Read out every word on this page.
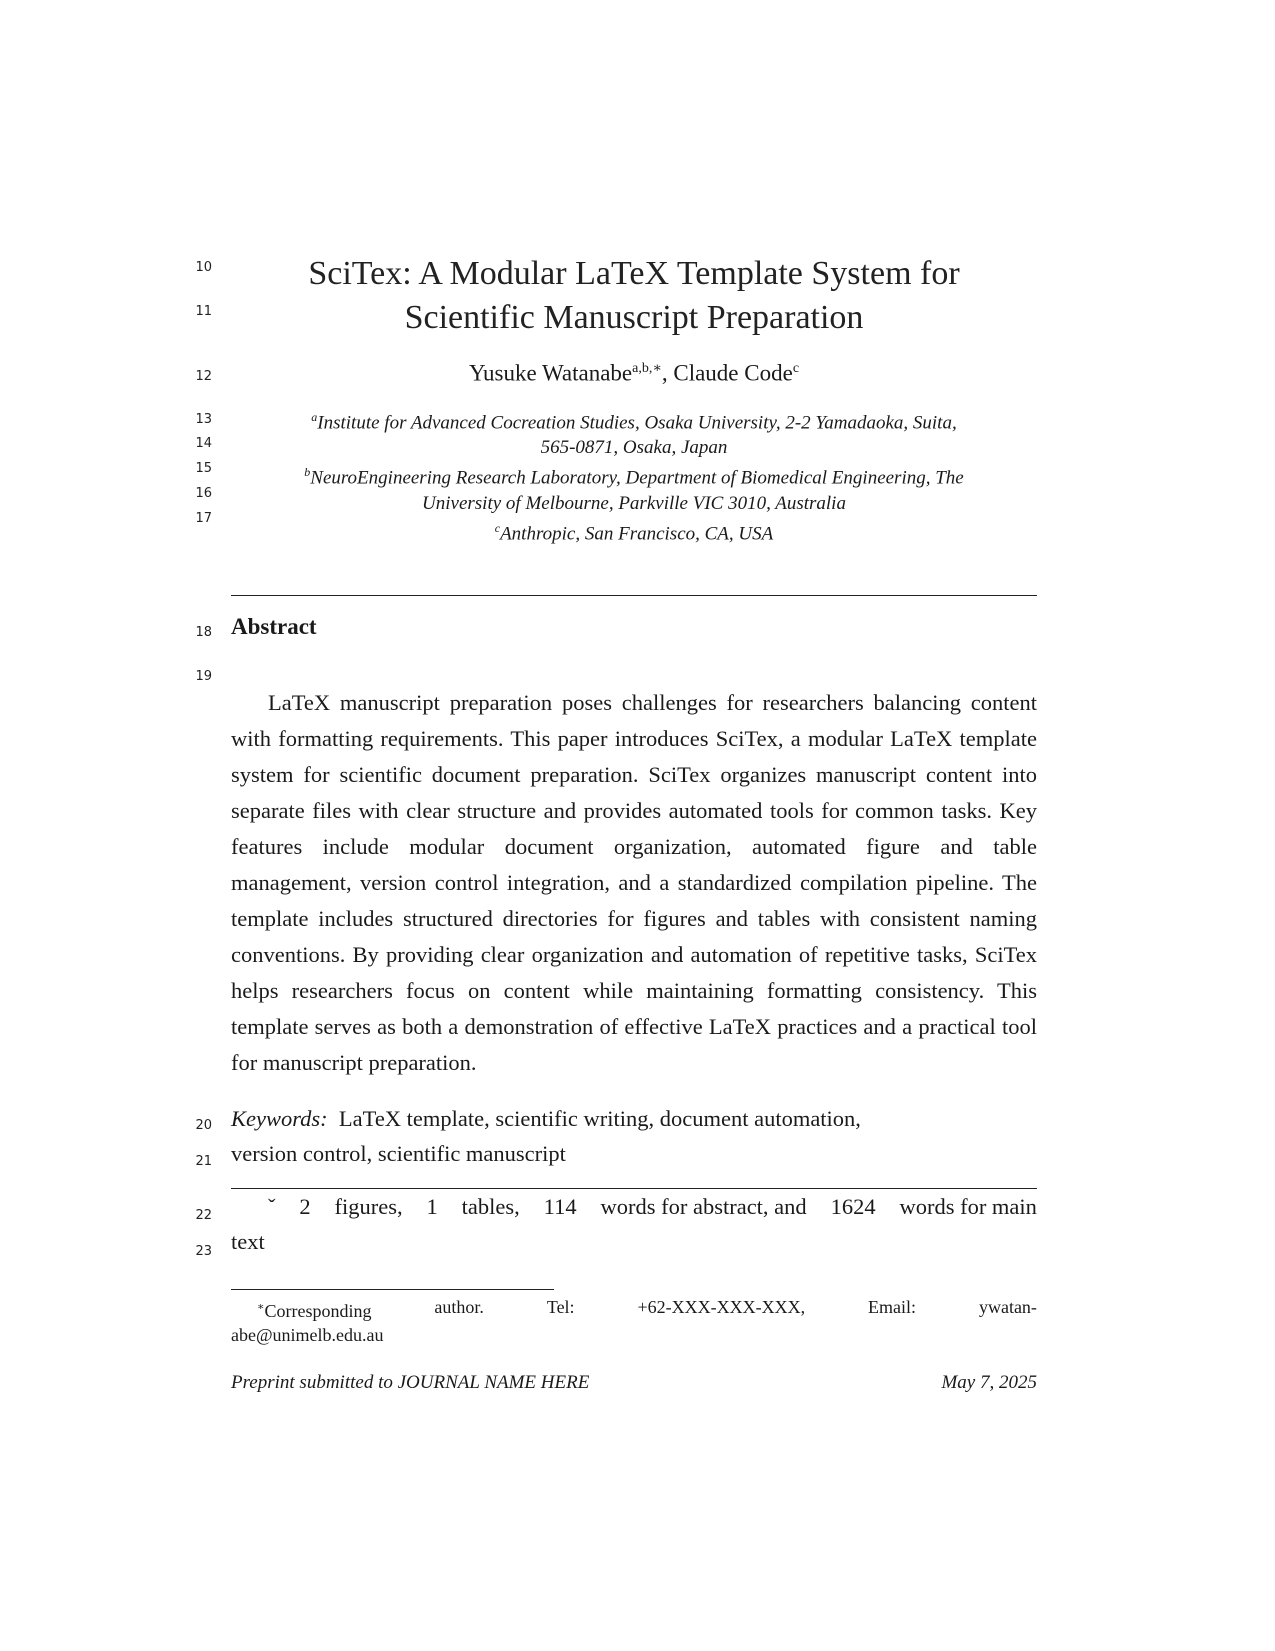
10
11
12
13
14
15
16
17
18
19
20
21
22
23
SciTex: A Modular LaTeX Template System for
Scientific Manuscript Preparation
Yusuke Watanabe$^{a,b,∗}$, Claude Code$^c$
$^a$Institute for Advanced Cocreation Studies, Osaka University, 2-2 Yamadaoka, Suita,
565-0871, Osaka, Japan
$^b$NeuroEngineering Research Laboratory, Department of Biomedical Engineering, The
University of Melbourne, Parkville VIC 3010, Australia
$^c$Anthropic, San Francisco, CA, USA
Abstract
LaTeX manuscript preparation poses challenges for researchers balancing content with formatting requirements. This paper introduces SciTex, a modular LaTeX template system for scientific document preparation. SciTex organizes manuscript content into separate files with clear structure and provides automated tools for common tasks. Key features include modular document organization, automated figure and table management, version control integration, and a standardized compilation pipeline. The template includes structured directories for figures and tables with consistent naming conventions. By providing clear organization and automation of repetitive tasks, SciTex helps researchers focus on content while maintaining formatting consistency. This template serves as both a demonstration of effective LaTeX practices and a practical tool for manuscript preparation.
Keywords: LaTeX template, scientific writing, document automation,
version control, scientific manuscript
ˇ 2 figures, 1 tables, 114 words for abstract, and 1624 words for main
text
∗Corresponding	author.	Tel:	+62-XXX-XXX-XXX,	Email:	ywatan-
abe@unimelb.edu.au
Preprint submitted to JOURNAL NAME HERE	May 7, 2025
